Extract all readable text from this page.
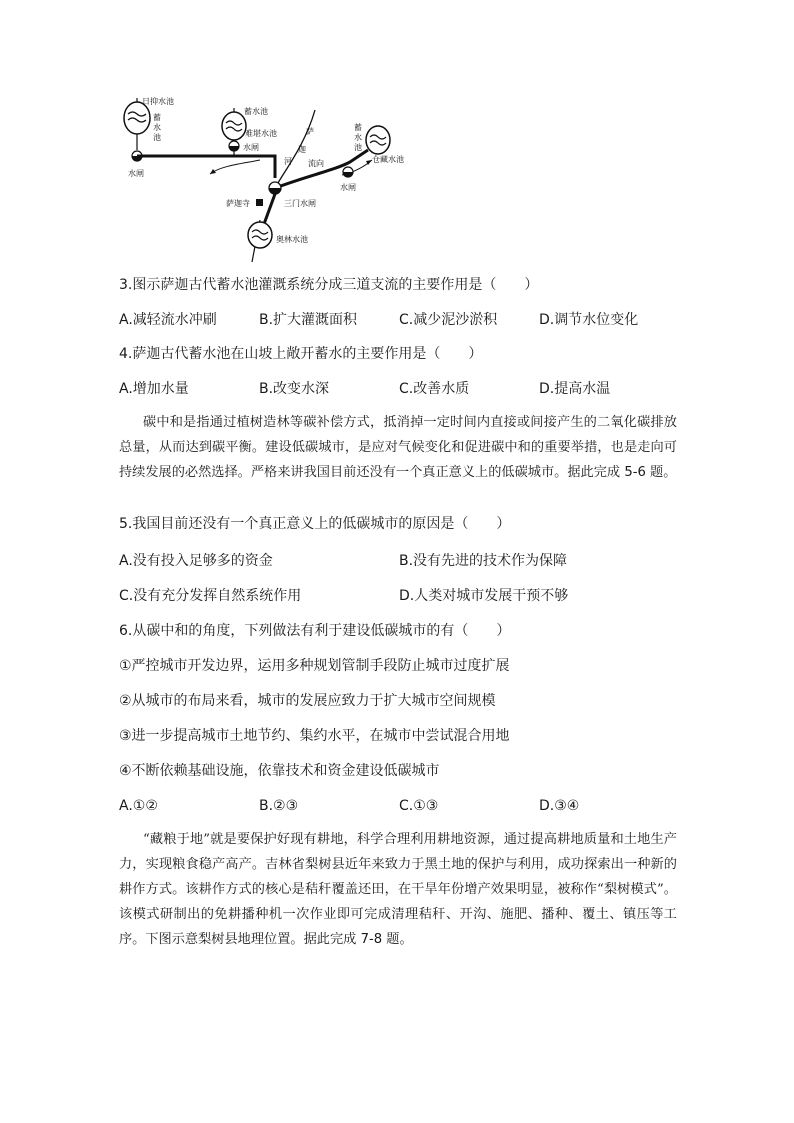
日抑水池
蓄
水
池
水闸
蓄水池
难堪水池
水闸
萨
迦
河 流向
蓄
水
池
仓藏水池
水闸
三门水闸
萨迦寺
奥林水池
3.图示萨迦古代蓄水池灌溉系统分成三道支流的主要作用是（　　）
A.减轻流水冲刷	B.扩大灌溉面积	C.减少泥沙淤积	D.调节水位变化
4.萨迦古代蓄水池在山坡上敞开蓄水的主要作用是（　　）
A.增加水量	B.改变水深	C.改善水质	D.提高水温
碳中和是指通过植树造林等碳补偿方式，抵消掉一定时间内直接或间接产生的二氧化碳排放总量，从而达到碳平衡。建设低碳城市，是应对气候变化和促进碳中和的重要举措，也是走向可持续发展的必然选择。严格来讲我国目前还没有一个真正意义上的低碳城市。据此完成 5-6 题。
5.我国目前还没有一个真正意义上的低碳城市的原因是（　　）
A.没有投入足够多的资金	B.没有先进的技术作为保障
C.没有充分发挥自然系统作用	D.人类对城市发展干预不够
6.从碳中和的角度，下列做法有利于建设低碳城市的有（　　）
①严控城市开发边界，运用多种规划管制手段防止城市过度扩展
②从城市的布局来看，城市的发展应致力于扩大城市空间规模
③进一步提高城市土地节约、集约水平，在城市中尝试混合用地
④不断依赖基础设施，依靠技术和资金建设低碳城市
A.①②	B.②③	C.①③	D.③④
“藏粮于地”就是要保护好现有耕地，科学合理利用耕地资源，通过提高耕地质量和土地生产力，实现粮食稳产高产。吉林省梨树县近年来致力于黑土地的保护与利用，成功探索出一种新的耕作方式。该耕作方式的核心是秸秆覆盖还田，在干旱年份增产效果明显，被称作“梨树模式”。该模式研制出的免耕播种机一次作业即可完成清理秸秆、开沟、施肥、播种、覆土、镇压等工序。下图示意梨树县地理位置。据此完成 7-8 题。
